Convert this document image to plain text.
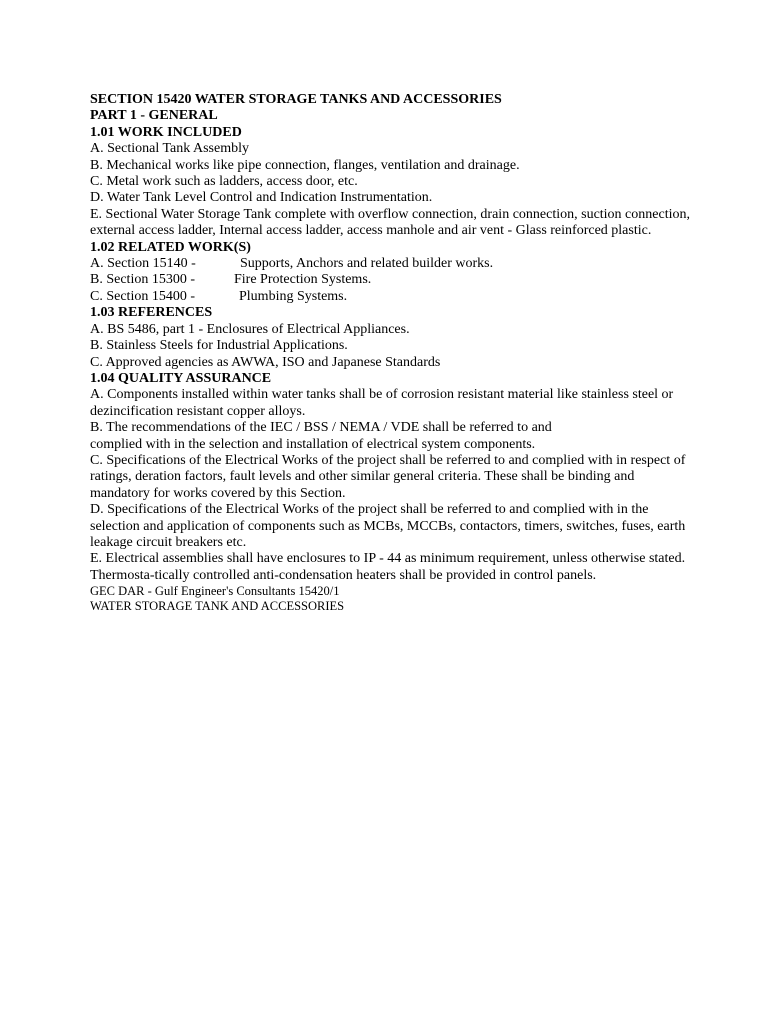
SECTION 15420 WATER STORAGE TANKS AND ACCESSORIES
PART 1 - GENERAL
1.01 WORK INCLUDED
A. Sectional Tank Assembly
B. Mechanical works like pipe connection, flanges, ventilation and drainage.
C. Metal work such as ladders, access door, etc.
D. Water Tank Level Control and Indication Instrumentation.
E. Sectional Water Storage Tank complete with overflow connection, drain connection, suction connection, external access ladder, Internal access ladder, access manhole and air vent - Glass reinforced plastic.
1.02 RELATED WORK(S)
A. Section 15140 -	Supports, Anchors and related builder works.
B. Section 15300 -	Fire Protection Systems.
C. Section 15400 -	Plumbing Systems.
1.03 REFERENCES
A. BS 5486, part 1 - Enclosures of Electrical Appliances.
B. Stainless Steels for Industrial Applications.
C. Approved agencies as AWWA, ISO and Japanese Standards
1.04 QUALITY ASSURANCE
A. Components installed within water tanks shall be of corrosion resistant material like stainless steel or dezincification resistant copper alloys.
B. The recommendations of the IEC / BSS / NEMA / VDE shall be referred to and
complied with in the selection and installation of electrical system components.
C. Specifications of the Electrical Works of the project shall be referred to and complied with in respect of ratings, deration factors, fault levels and other similar general criteria. These shall be binding and mandatory for works covered by this Section.
D. Specifications of the Electrical Works of the project shall be referred to and complied with in the selection and application of components such as MCBs, MCCBs, contactors, timers, switches, fuses, earth leakage circuit breakers etc.
E. Electrical assemblies shall have enclosures to IP - 44 as minimum requirement, unless otherwise stated. Thermosta-tically controlled anti-condensation heaters shall be provided in control panels.
GEC DAR - Gulf Engineer's Consultants 15420/1
WATER STORAGE TANK AND ACCESSORIES
